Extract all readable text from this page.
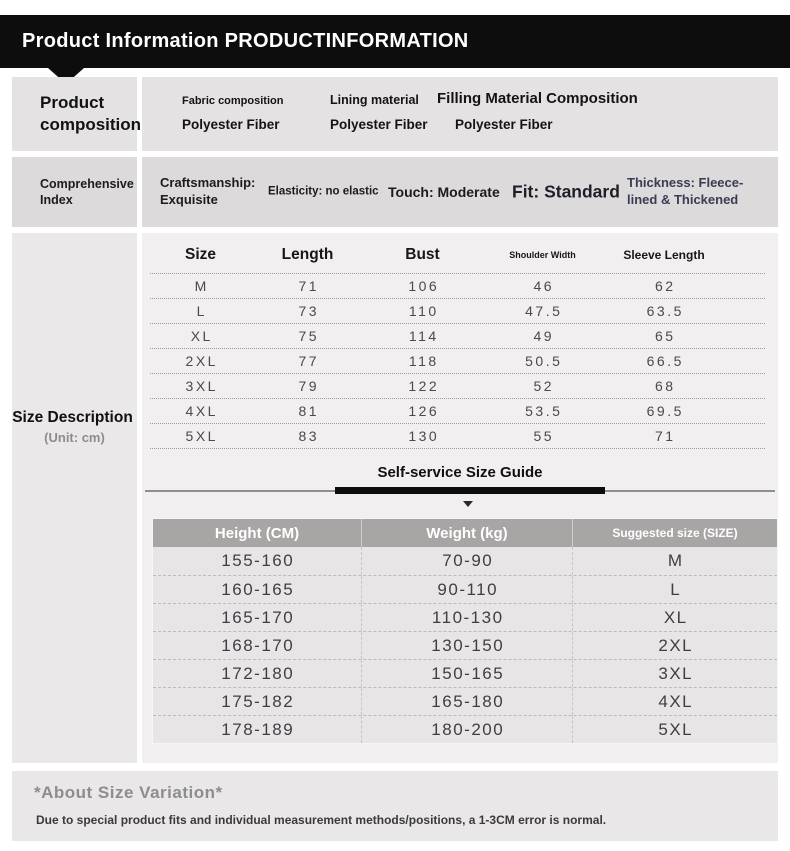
Product Information PRODUCTINFORMATION
Product composition
Fabric composition
Polyester Fiber
Lining material
Polyester Fiber
Filling Material Composition
Polyester Fiber
Comprehensive Index
Craftsmanship: Exquisite
Elasticity: no elastic Touch: Moderate Fit: Standard Thickness: Fleece-lined & Thickened
Size Description
(Unit: cm)
Size	Length	Bust	Shoulder Width	Sleeve Length
M	71	106	46	62
L	73	110	47.5	63.5
XL	75	114	49	65
2XL	77	118	50.5	66.5
3XL	79	122	52	68
4XL	81	126	53.5	69.5
5XL	83	130	55	71
Self-service Size Guide
Height (CM)	Weight (kg)	Suggested size (SIZE)
155-160	70-90	M
160-165	90-110	L
165-170	110-130	XL
168-170	130-150	2XL
172-180	150-165	3XL
175-182	165-180	4XL
178-189	180-200	5XL
*About Size Variation*
Due to special product fits and individual measurement methods/positions, a 1-3CM error is normal.
